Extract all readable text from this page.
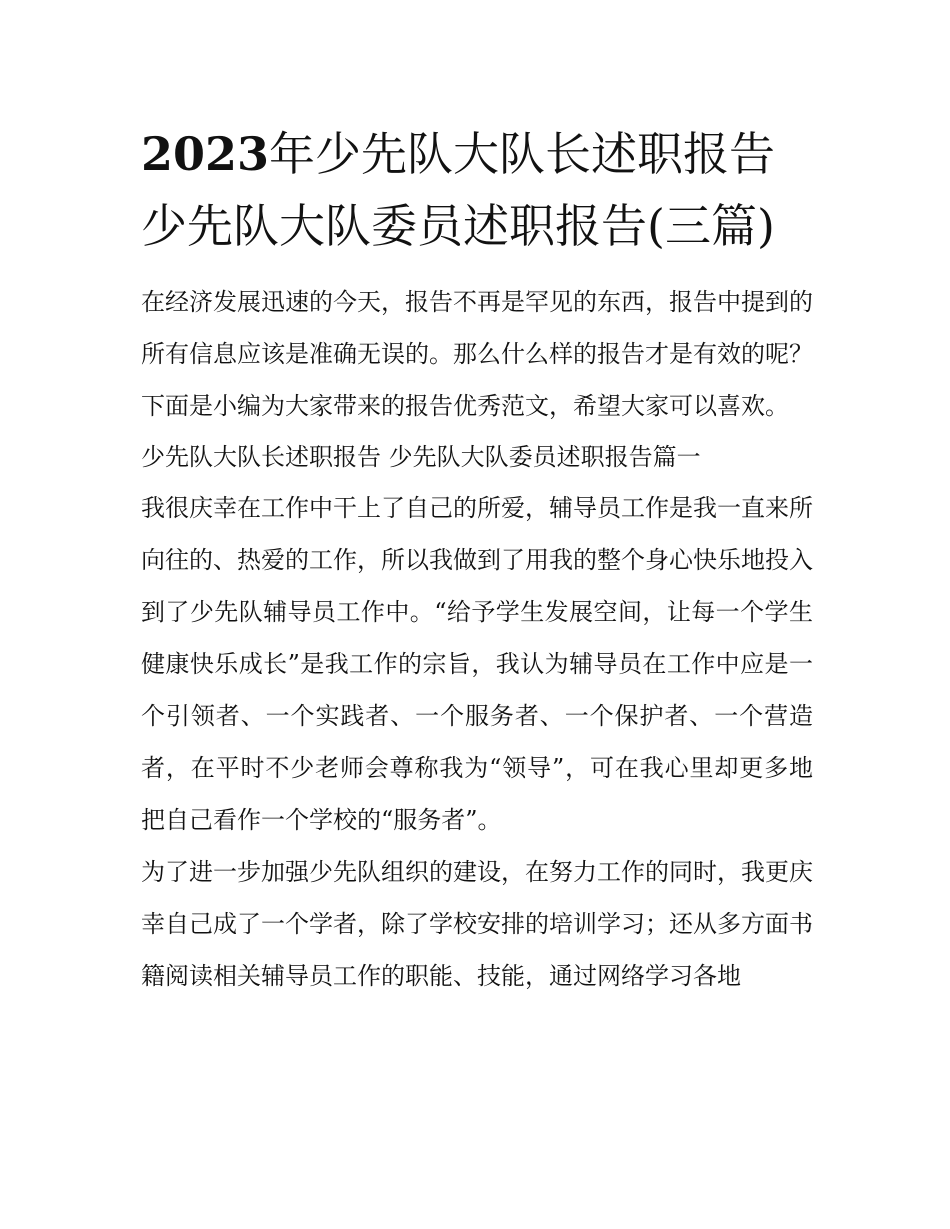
2023年少先队大队长述职报告少先队大队委员述职报告(三篇)

在经济发展迅速的今天，报告不再是罕见的东西，报告中提到的所有信息应该是准确无误的。那么什么样的报告才是有效的呢？下面是小编为大家带来的报告优秀范文，希望大家可以喜欢。

少先队大队长述职报告 少先队大队委员述职报告篇一

我很庆幸在工作中干上了自己的所爱，辅导员工作是我一直来所向往的、热爱的工作，所以我做到了用我的整个身心快乐地投入到了少先队辅导员工作中。“给予学生发展空间，让每一个学生健康快乐成长”是我工作的宗旨，我认为辅导员在工作中应是一个引领者、一个实践者、一个服务者、一个保护者、一个营造者，在平时不少老师会尊称我为“领导”，可在我心里却更多地把自己看作一个学校的“服务者”。

为了进一步加强少先队组织的建设，在努力工作的同时，我更庆幸自己成了一个学者，除了学校安排的培训学习；还从多方面书籍阅读相关辅导员工作的职能、技能，通过网络学习各地
